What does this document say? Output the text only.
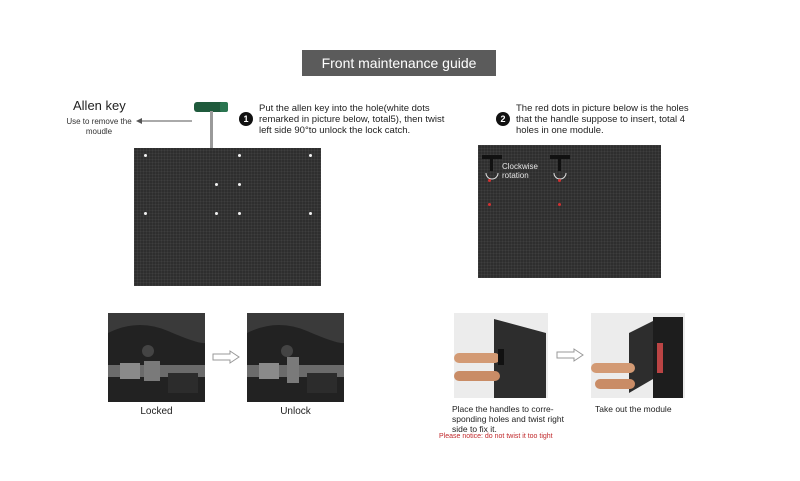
Front maintenance guide
Allen key
Use to remove the moudle
1
Put the allen key into the hole(white dots remarked in picture below, total5), then twist left side 90°to unlock the lock catch.
2
The red dots in picture below is the holes that the handle suppose to insert, total 4 holes in one module.
Clockwise rotation
Locked	Unlock	Place the handles to corre- sponding holes and twist right side to fix it.
Please notice: do not twist it too tight
Take out the module
